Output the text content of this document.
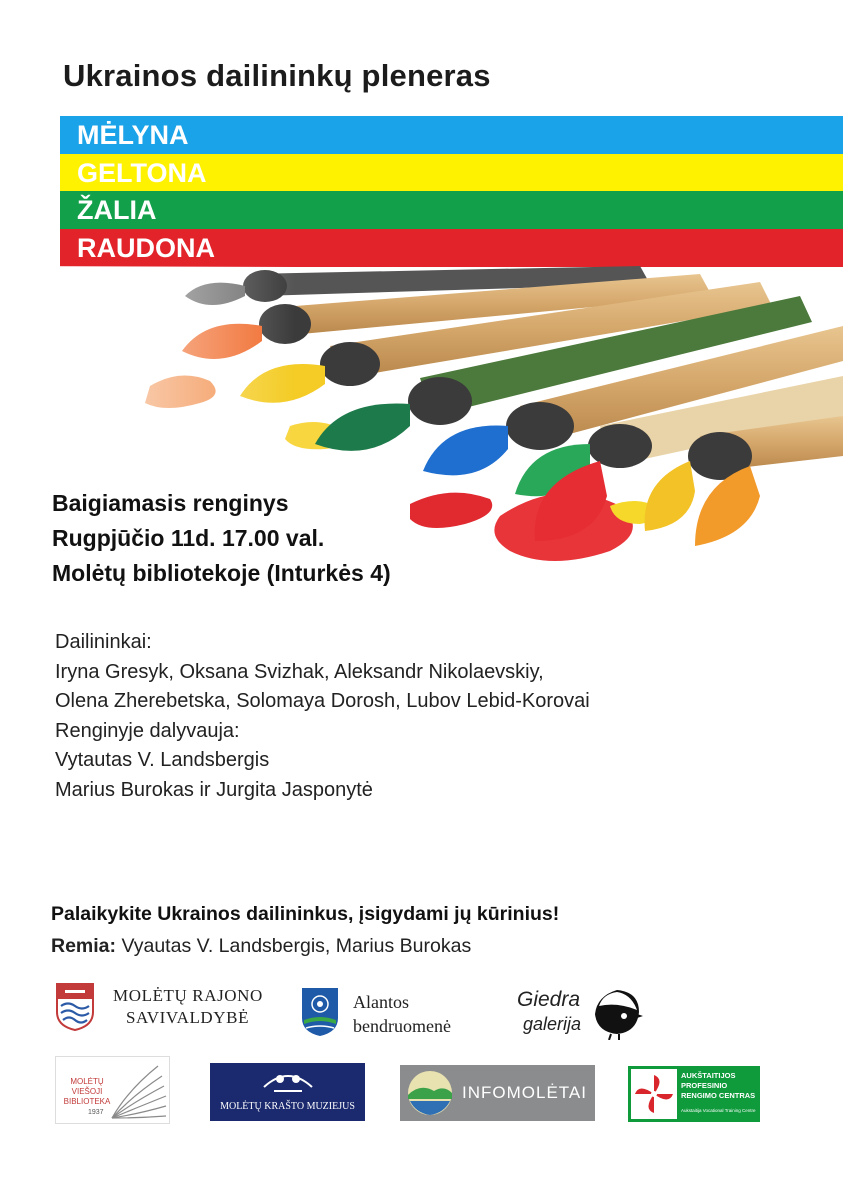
Ukrainos dailininkų pleneras
MĖLYNA
GELTONA
ŽALIA
RAUDONA
Baigiamasis renginys
Rugpjūčio 11d. 17.00 val.
Molėtų bibliotekoje (Inturkės 4)
Dailininkai:
Iryna Gresyk, Oksana Svizhak, Aleksandr Nikolaevskiy,
Olena Zherebetska, Solomaya Dorosh, Lubov Lebid-Korovai
Renginyje dalyvauja:
Vytautas V. Landsbergis
Marius Burokas ir Jurgita Jasponytė
Palaikykite Ukrainos dailininkus, įsigydami jų kūrinius!
Remia: Vyautas V. Landsbergis, Marius Burokas
MOLĖTŲ RAJONO
SAVIVALDYBĖ
Alantos
bendruomenė
Giedra
galerija
MOLĖTŲ
VIEŠOJI
BIBLIOTEKA
1937
MOLĖTŲ KRAŠTO MUZIEJUS
INFOMOLĖTAI
AUKŠTAITIJOS
PROFESINIO
RENGIMO CENTRAS
Aukstaitija Vocational Training Centre
